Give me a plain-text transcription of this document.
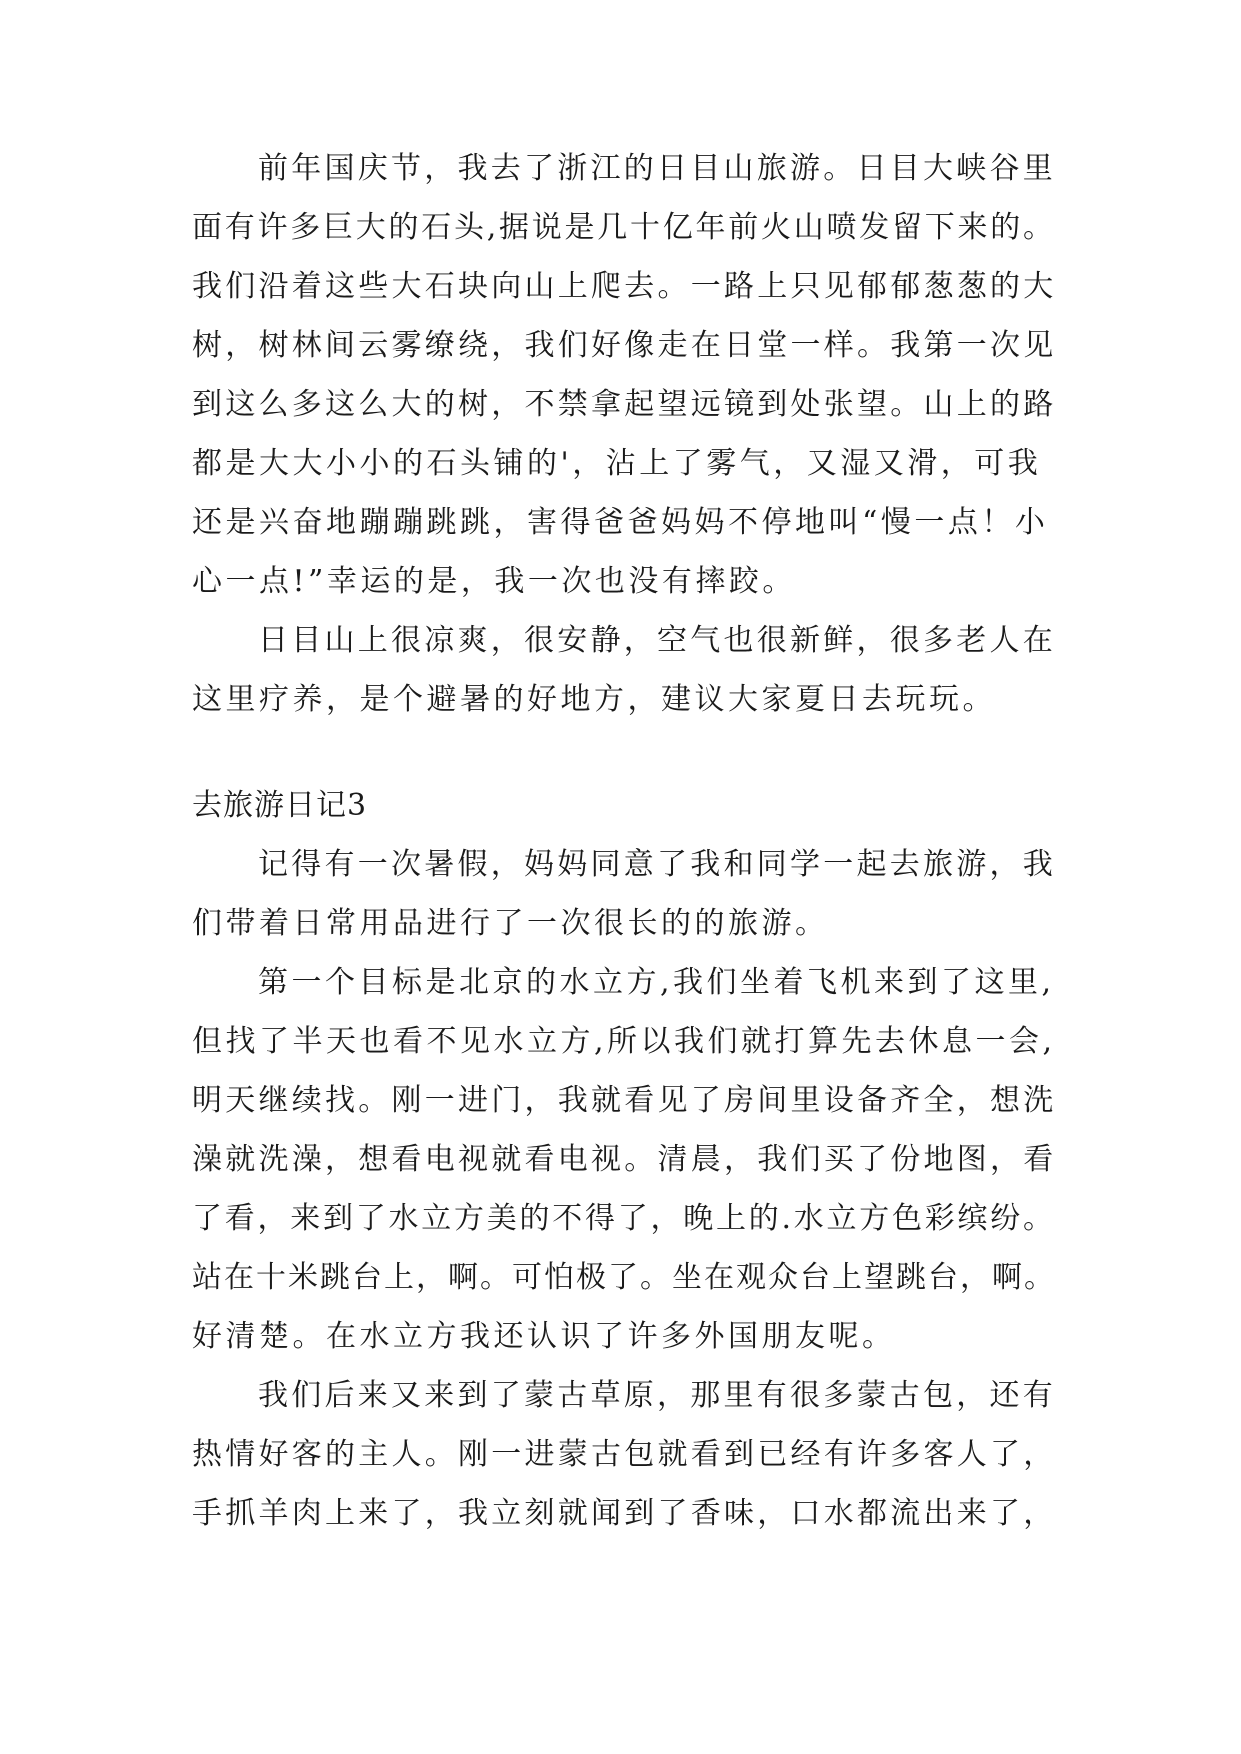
前年国庆节，我去了浙江的日目山旅游。日目大峡谷里
面有许多巨大的石头,据说是几十亿年前火山喷发留下来的。
我们沿着这些大石块向山上爬去。一路上只见郁郁葱葱的大
树，树林间云雾缭绕，我们好像走在日堂一样。我第一次见
到这么多这么大的树，不禁拿起望远镜到处张望。山上的路
都是大大小小的石头铺的'，沾上了雾气，又湿又滑，可我
还是兴奋地蹦蹦跳跳，害得爸爸妈妈不停地叫“慢一点！小
心一点!”幸运的是，我一次也没有摔跤。
日目山上很凉爽，很安静，空气也很新鲜，很多老人在
这里疗养，是个避暑的好地方，建议大家夏日去玩玩。
去旅游日记3
记得有一次暑假，妈妈同意了我和同学一起去旅游，我
们带着日常用品进行了一次很长的的旅游。
第一个目标是北京的水立方,我们坐着飞机来到了这里,
但找了半天也看不见水立方,所以我们就打算先去休息一会,
明天继续找。刚一进门，我就看见了房间里设备齐全，想洗
澡就洗澡，想看电视就看电视。清晨，我们买了份地图，看
了看，来到了水立方美的不得了，晚上的.水立方色彩缤纷。
站在十米跳台上，啊。可怕极了。坐在观众台上望跳台，啊。
好清楚。在水立方我还认识了许多外国朋友呢。
我们后来又来到了蒙古草原，那里有很多蒙古包，还有
热情好客的主人。刚一进蒙古包就看到已经有许多客人了，
手抓羊肉上来了，我立刻就闻到了香味，口水都流出来了，
